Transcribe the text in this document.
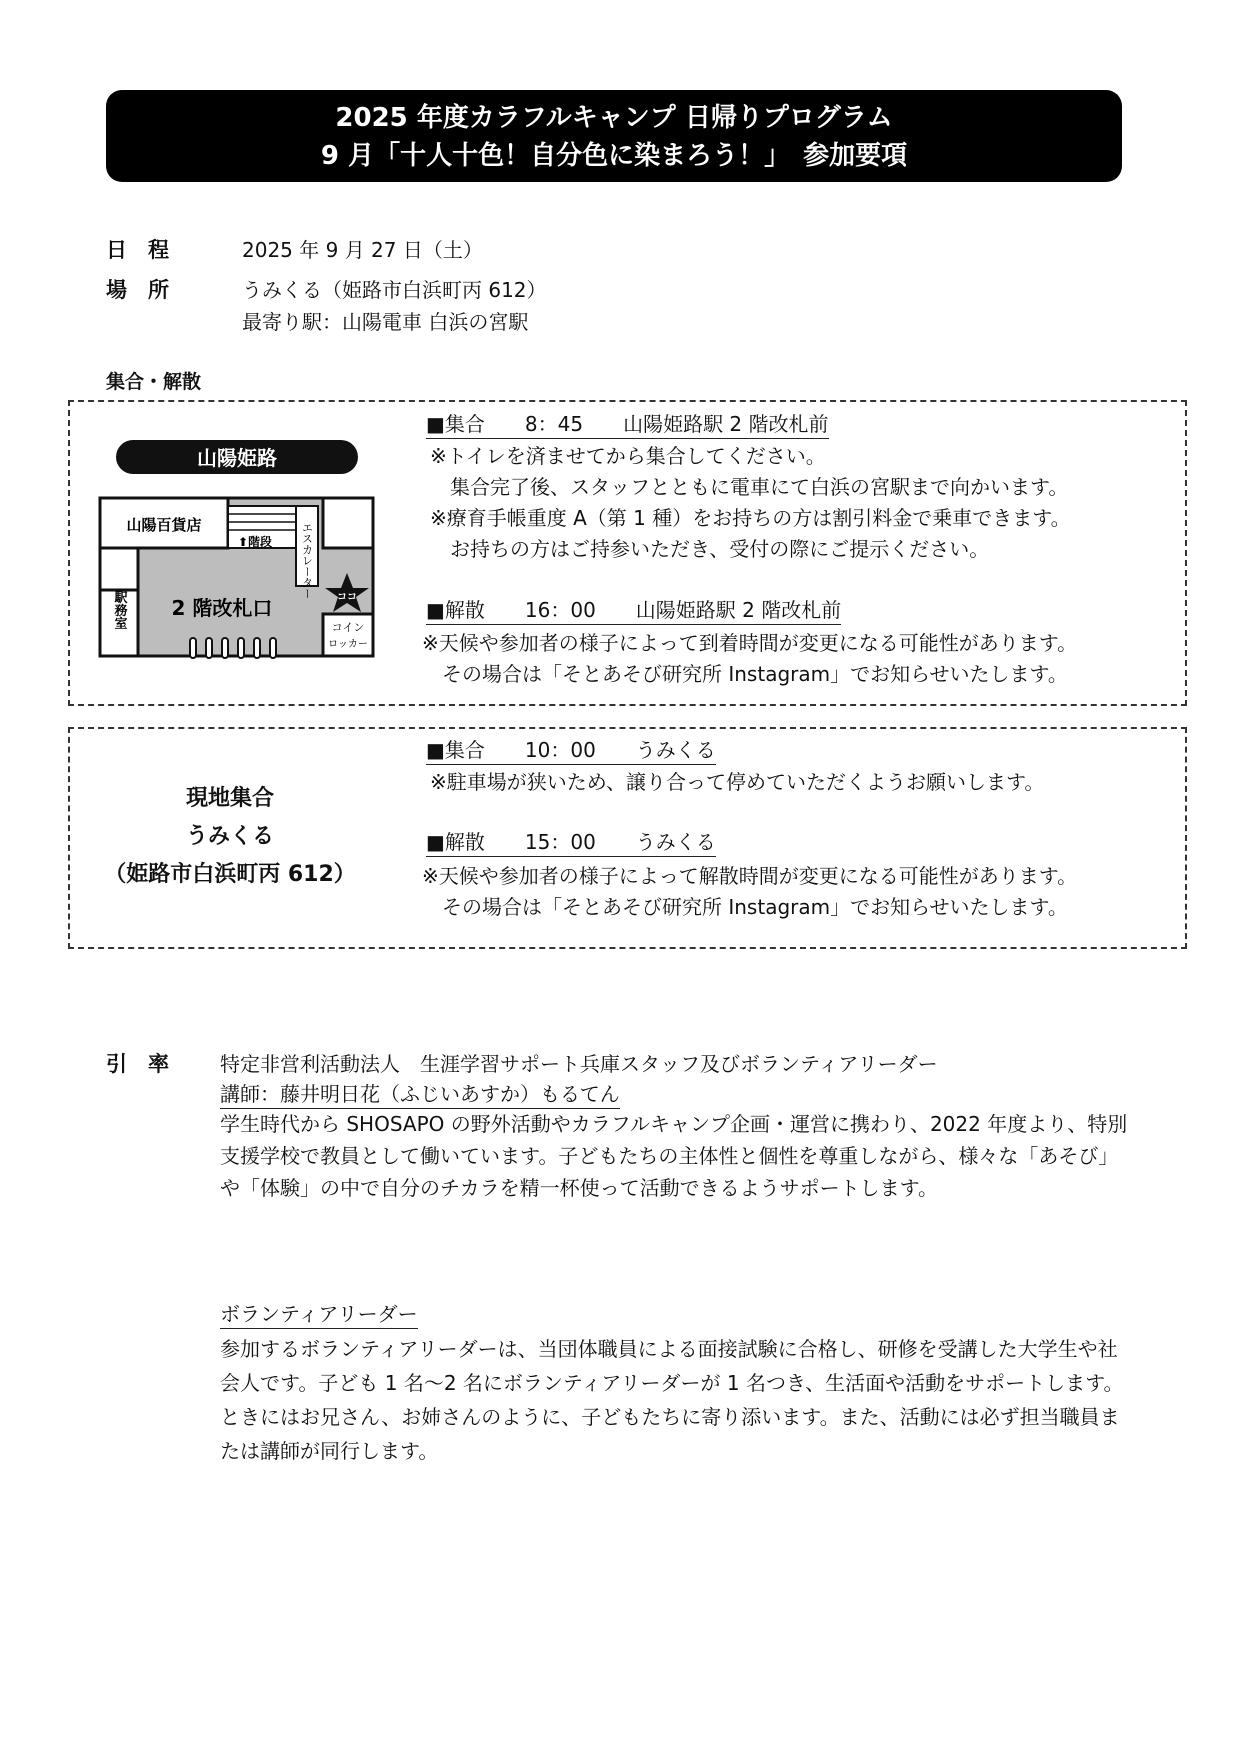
2025 年度カラフルキャンプ 日帰りプログラム
9 月「十人十色！自分色に染まろう！」　参加要項
日　程	2025 年 9 月 27 日（土）
場　所	うみくる（姫路市白浜町丙 612）
最寄り駅：山陽電車 白浜の宮駅
集合・解散
山陽姫路
山陽百貨店
⬆階段	エスカレーター
駅務室 2 階改札口
コイン
ロッカー
ココ
■集合　　8：45　　山陽姫路駅 2 階改札前
※トイレを済ませてから集合してください。
　集合完了後、スタッフとともに電車にて白浜の宮駅まで向かいます。
※療育手帳重度 A（第 1 種）をお持ちの方は割引料金で乗車できます。
　お持ちの方はご持参いただき、受付の際にご提示ください。
■解散　　16：00　　山陽姫路駅 2 階改札前
※天候や参加者の様子によって到着時間が変更になる可能性があります。
　その場合は「そとあそび研究所 Instagram」でお知らせいたします。
現地集合
うみくる
（姫路市白浜町丙 612）
■集合　　10：00　　うみくる
※駐車場が狭いため、譲り合って停めていただくようお願いします。
■解散　　15：00　　うみくる
※天候や参加者の様子によって解散時間が変更になる可能性があります。
　その場合は「そとあそび研究所 Instagram」でお知らせいたします。
引　率	特定非営利活動法人　生涯学習サポート兵庫スタッフ及びボランティアリーダー
講師：藤井明日花（ふじいあすか）もるてん
学生時代から SHOSAPO の野外活動やカラフルキャンプ企画・運営に携わり、2022 年度より、特別支援学校で教員として働いています。子どもたちの主体性と個性を尊重しながら、様々な「あそび」や「体験」の中で自分のチカラを精一杯使って活動できるようサポートします。
ボランティアリーダー
参加するボランティアリーダーは、当団体職員による面接試験に合格し、研修を受講した大学生や社会人です。子ども 1 名～2 名にボランティアリーダーが 1 名つき、生活面や活動をサポートします。ときにはお兄さん、お姉さんのように、子どもたちに寄り添います。また、活動には必ず担当職員または講師が同行します。
